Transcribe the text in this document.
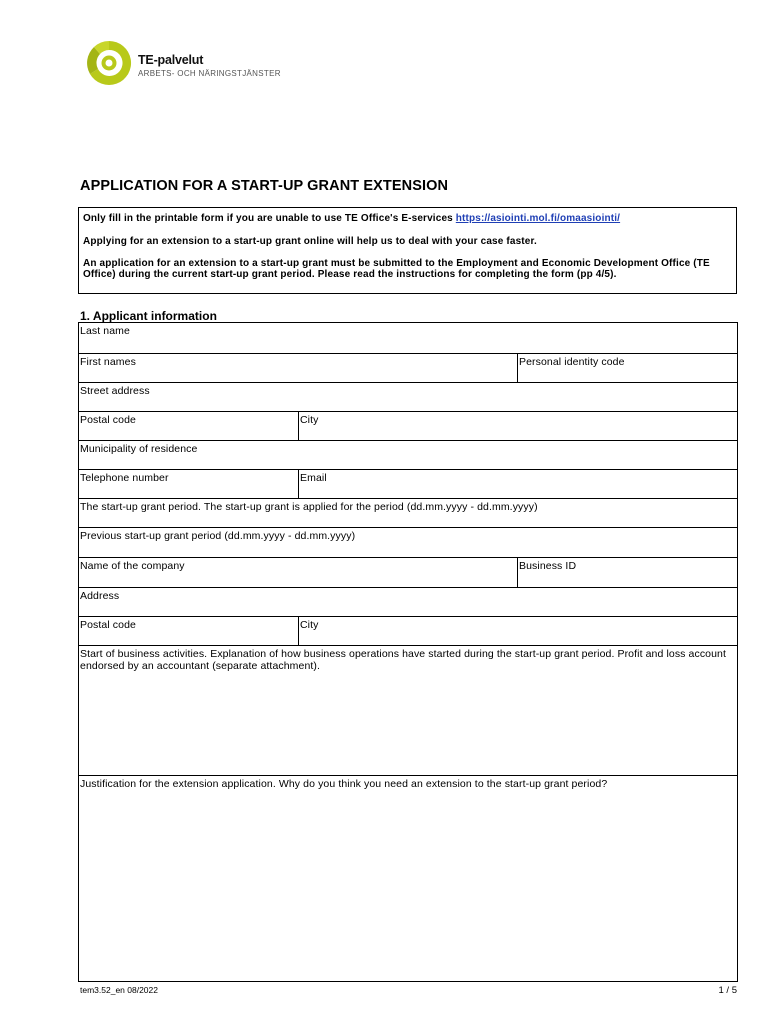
TE-palvelut
ARBETS- OCH NÄRINGSTJÄNSTER
APPLICATION FOR A START-UP GRANT EXTENSION
Only fill in the printable form if you are unable to use TE Office's E-services https://asiointi.mol.fi/omaasiointi/
Applying for an extension to a start-up grant online will help us to deal with your case faster.
An application for an extension to a start-up grant must be submitted to the Employment and Economic Development Office (TE Office) during the current start-up grant period. Please read the instructions for completing the form (pp 4/5).
1. Applicant information
Last name
First names	Personal identity code
Street address
Postal code	City
Municipality of residence
Telephone number	Email
The start-up grant period. The start-up grant is applied for the period (dd.mm.yyyy - dd.mm.yyyy)
Previous start-up grant period (dd.mm.yyyy - dd.mm.yyyy)
Name of the company	Business ID
Address
Postal code	City
Start of business activities. Explanation of how business operations have started during the start-up grant period. Profit and loss account endorsed by an accountant (separate attachment).
Justification for the extension application. Why do you think you need an extension to the start-up grant period?
tem3.52_en 08/2022	1 / 5
